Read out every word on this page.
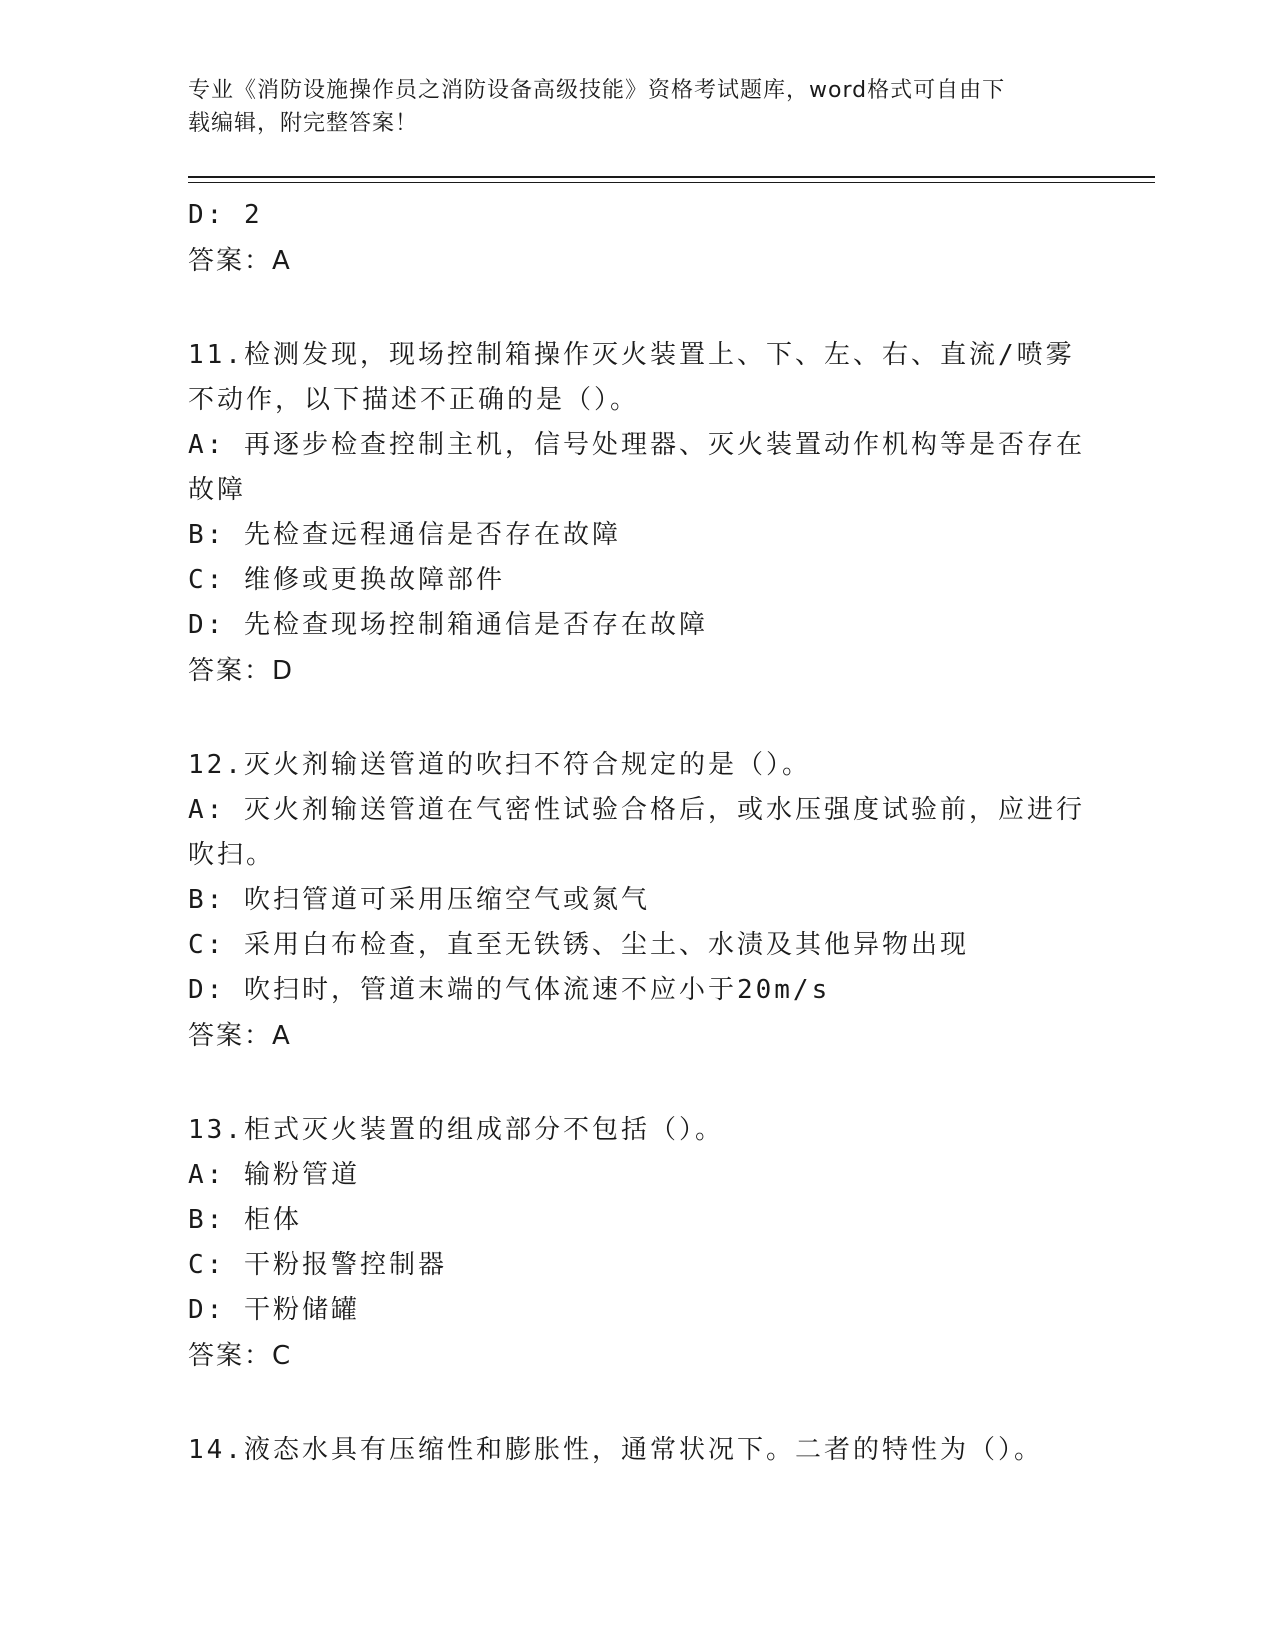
专业《消防设施操作员之消防设备高级技能》资格考试题库，word格式可自由下
载编辑，附完整答案！
D: 2
答案：A
11.检测发现，现场控制箱操作灭火装置上、下、左、右、直流/喷雾
不动作，以下描述不正确的是（）。
A: 再逐步检查控制主机，信号处理器、灭火装置动作机构等是否存在
故障
B: 先检查远程通信是否存在故障
C: 维修或更换故障部件
D: 先检查现场控制箱通信是否存在故障
答案：D
12.灭火剂输送管道的吹扫不符合规定的是（）。
A: 灭火剂输送管道在气密性试验合格后，或水压强度试验前，应进行
吹扫。
B: 吹扫管道可采用压缩空气或氮气
C: 采用白布检查，直至无铁锈、尘土、水渍及其他异物出现
D: 吹扫时，管道末端的气体流速不应小于20m/s
答案：A
13.柜式灭火装置的组成部分不包括（）。
A: 输粉管道
B: 柜体
C: 干粉报警控制器
D: 干粉储罐
答案：C
14.液态水具有压缩性和膨胀性，通常状况下。二者的特性为（）。
